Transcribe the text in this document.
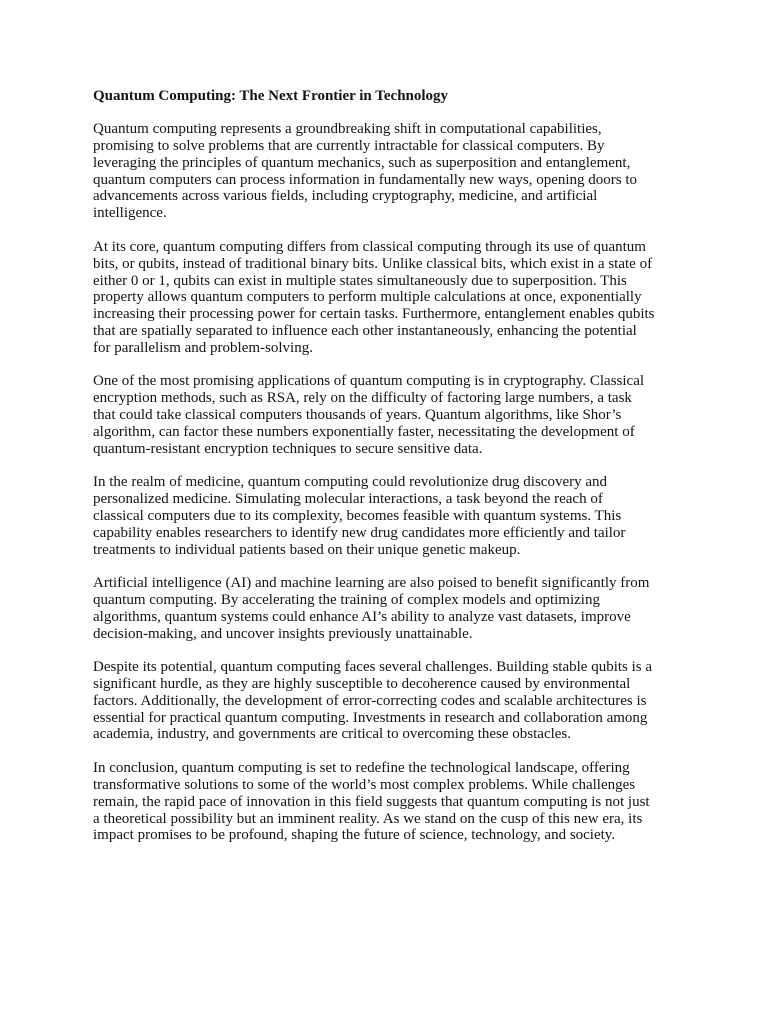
Quantum Computing: The Next Frontier in Technology
Quantum computing represents a groundbreaking shift in computational capabilities,
promising to solve problems that are currently intractable for classical computers. By
leveraging the principles of quantum mechanics, such as superposition and entanglement,
quantum computers can process information in fundamentally new ways, opening doors to
advancements across various fields, including cryptography, medicine, and artificial
intelligence.
At its core, quantum computing differs from classical computing through its use of quantum
bits, or qubits, instead of traditional binary bits. Unlike classical bits, which exist in a state of
either 0 or 1, qubits can exist in multiple states simultaneously due to superposition. This
property allows quantum computers to perform multiple calculations at once, exponentially
increasing their processing power for certain tasks. Furthermore, entanglement enables qubits
that are spatially separated to influence each other instantaneously, enhancing the potential
for parallelism and problem-solving.
One of the most promising applications of quantum computing is in cryptography. Classical
encryption methods, such as RSA, rely on the difficulty of factoring large numbers, a task
that could take classical computers thousands of years. Quantum algorithms, like Shor’s
algorithm, can factor these numbers exponentially faster, necessitating the development of
quantum-resistant encryption techniques to secure sensitive data.
In the realm of medicine, quantum computing could revolutionize drug discovery and
personalized medicine. Simulating molecular interactions, a task beyond the reach of
classical computers due to its complexity, becomes feasible with quantum systems. This
capability enables researchers to identify new drug candidates more efficiently and tailor
treatments to individual patients based on their unique genetic makeup.
Artificial intelligence (AI) and machine learning are also poised to benefit significantly from
quantum computing. By accelerating the training of complex models and optimizing
algorithms, quantum systems could enhance AI’s ability to analyze vast datasets, improve
decision-making, and uncover insights previously unattainable.
Despite its potential, quantum computing faces several challenges. Building stable qubits is a
significant hurdle, as they are highly susceptible to decoherence caused by environmental
factors. Additionally, the development of error-correcting codes and scalable architectures is
essential for practical quantum computing. Investments in research and collaboration among
academia, industry, and governments are critical to overcoming these obstacles.
In conclusion, quantum computing is set to redefine the technological landscape, offering
transformative solutions to some of the world’s most complex problems. While challenges
remain, the rapid pace of innovation in this field suggests that quantum computing is not just
a theoretical possibility but an imminent reality. As we stand on the cusp of this new era, its
impact promises to be profound, shaping the future of science, technology, and society.
